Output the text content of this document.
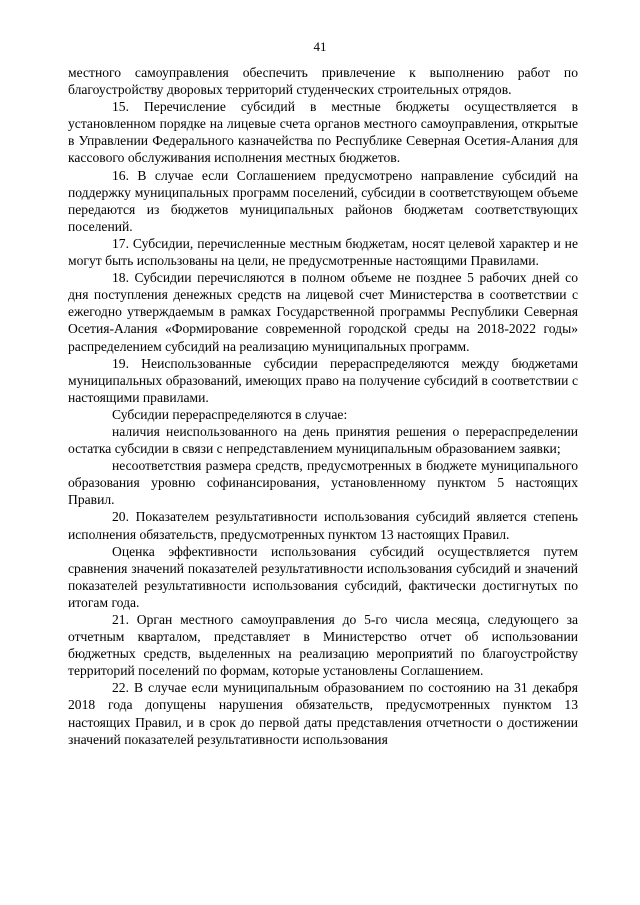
41

местного самоуправления обеспечить привлечение к выполнению работ по благоустройству дворовых территорий студенческих строительных отрядов.

15. Перечисление субсидий в местные бюджеты осуществляется в установленном порядке на лицевые счета органов местного самоуправления, открытые в Управлении Федерального казначейства по Республике Северная Осетия-Алания для кассового обслуживания исполнения местных бюджетов.

16. В случае если Соглашением предусмотрено направление субсидий на поддержку муниципальных программ поселений, субсидии в соответствующем объеме передаются из бюджетов муниципальных районов бюджетам соответствующих поселений.

17. Субсидии, перечисленные местным бюджетам, носят целевой характер и не могут быть использованы на цели, не предусмотренные настоящими Правилами.

18. Субсидии перечисляются в полном объеме не позднее 5 рабочих дней со дня поступления денежных средств на лицевой счет Министерства в соответствии с ежегодно утверждаемым в рамках Государственной программы Республики Северная Осетия-Алания «Формирование современной городской среды на 2018-2022 годы» распределением субсидий на реализацию муниципальных программ.

19. Неиспользованные субсидии перераспределяются между бюджетами муниципальных образований, имеющих право на получение субсидий в соответствии с настоящими правилами.

Субсидии перераспределяются в случае:

наличия неиспользованного на день принятия решения о перераспределении остатка субсидии в связи с непредставлением муниципальным образованием заявки;

несоответствия размера средств, предусмотренных в бюджете муниципального образования уровню софинансирования, установленному пунктом 5 настоящих Правил.

20. Показателем результативности использования субсидий является степень исполнения обязательств, предусмотренных пунктом 13 настоящих Правил.

Оценка эффективности использования субсидий осуществляется путем сравнения значений показателей результативности использования субсидий и значений показателей результативности использования субсидий, фактически достигнутых по итогам года.

21. Орган местного самоуправления до 5-го числа месяца, следующего за отчетным кварталом, представляет в Министерство отчет об использовании бюджетных средств, выделенных на реализацию мероприятий по благоустройству территорий поселений по формам, которые установлены Соглашением.

22. В случае если муниципальным образованием по состоянию на 31 декабря 2018 года допущены нарушения обязательств, предусмотренных пунктом 13 настоящих Правил, и в срок до первой даты представления отчетности о достижении значений показателей результативности использования
